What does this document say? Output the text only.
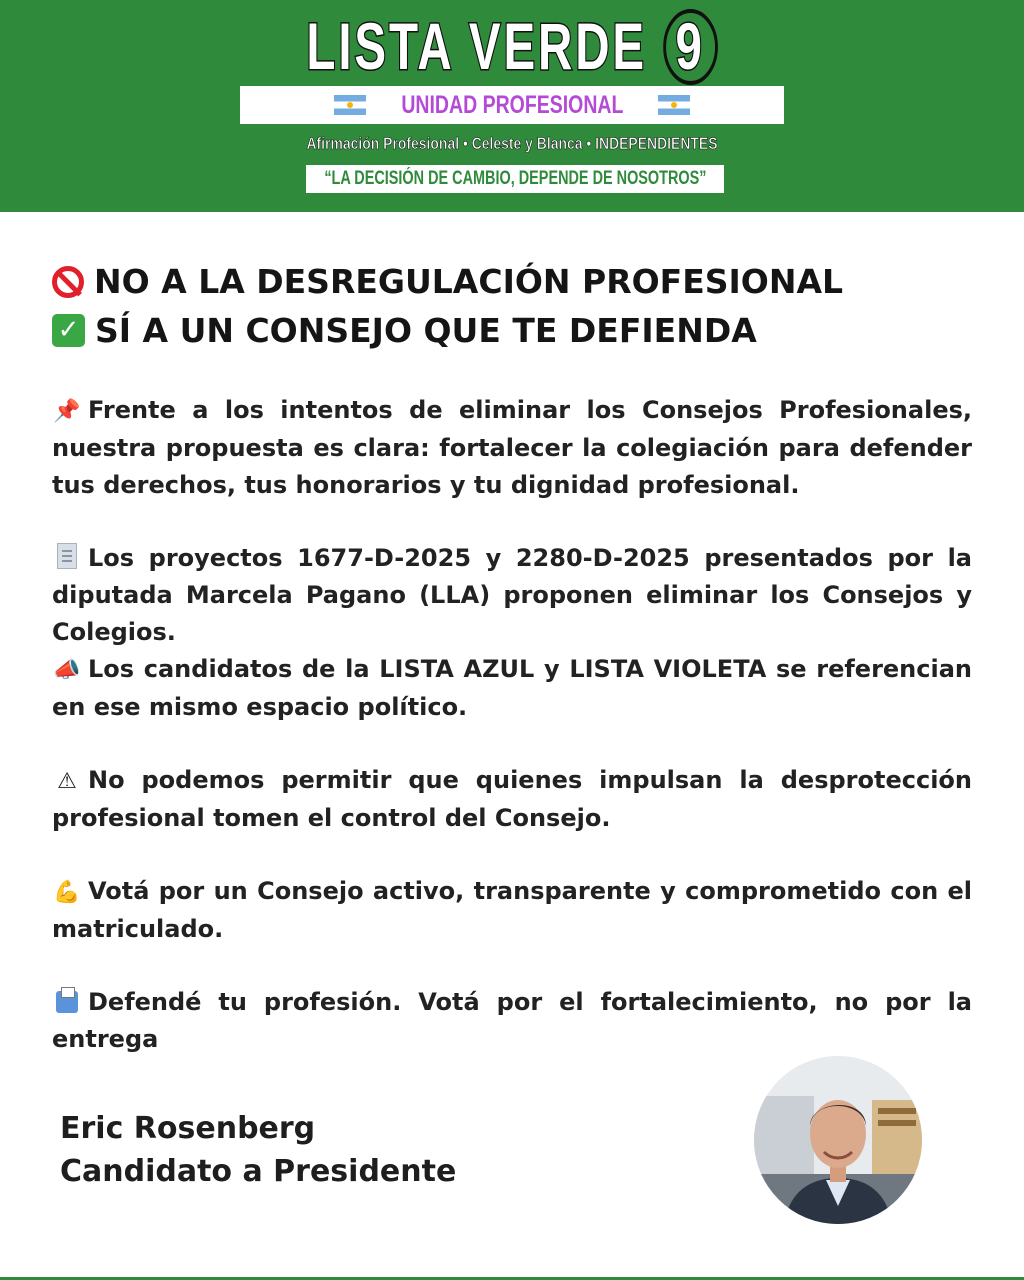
LISTA VERDE 9
UNIDAD PROFESIONAL
Afirmación Profesional • Celeste y Blanca • INDEPENDIENTES
“LA DECISIÓN DE CAMBIO, DEPENDE DE NOSOTROS”
NO A LA DESREGULACIÓN PROFESIONAL
✓ SÍ A UN CONSEJO QUE TE DEFIENDA

📌 Frente a los intentos de eliminar los Consejos Profesionales, nuestra propuesta es clara: fortalecer la colegiación para defender tus derechos, tus honorarios y tu dignidad profesional.

Los proyectos 1677-D-2025 y 2280-D-2025 presentados por la diputada Marcela Pagano (LLA) proponen eliminar los Consejos y Colegios.

📣 Los candidatos de la LISTA AZUL y LISTA VIOLETA se referencian en ese mismo espacio político.

⚠ No podemos permitir que quienes impulsan la desprotección profesional tomen el control del Consejo.

💪 Votá por un Consejo activo, transparente y comprometido con el matriculado.

Defendé tu profesión. Votá por el fortalecimiento, no por la entrega

Eric Rosenberg
Candidato a Presidente
